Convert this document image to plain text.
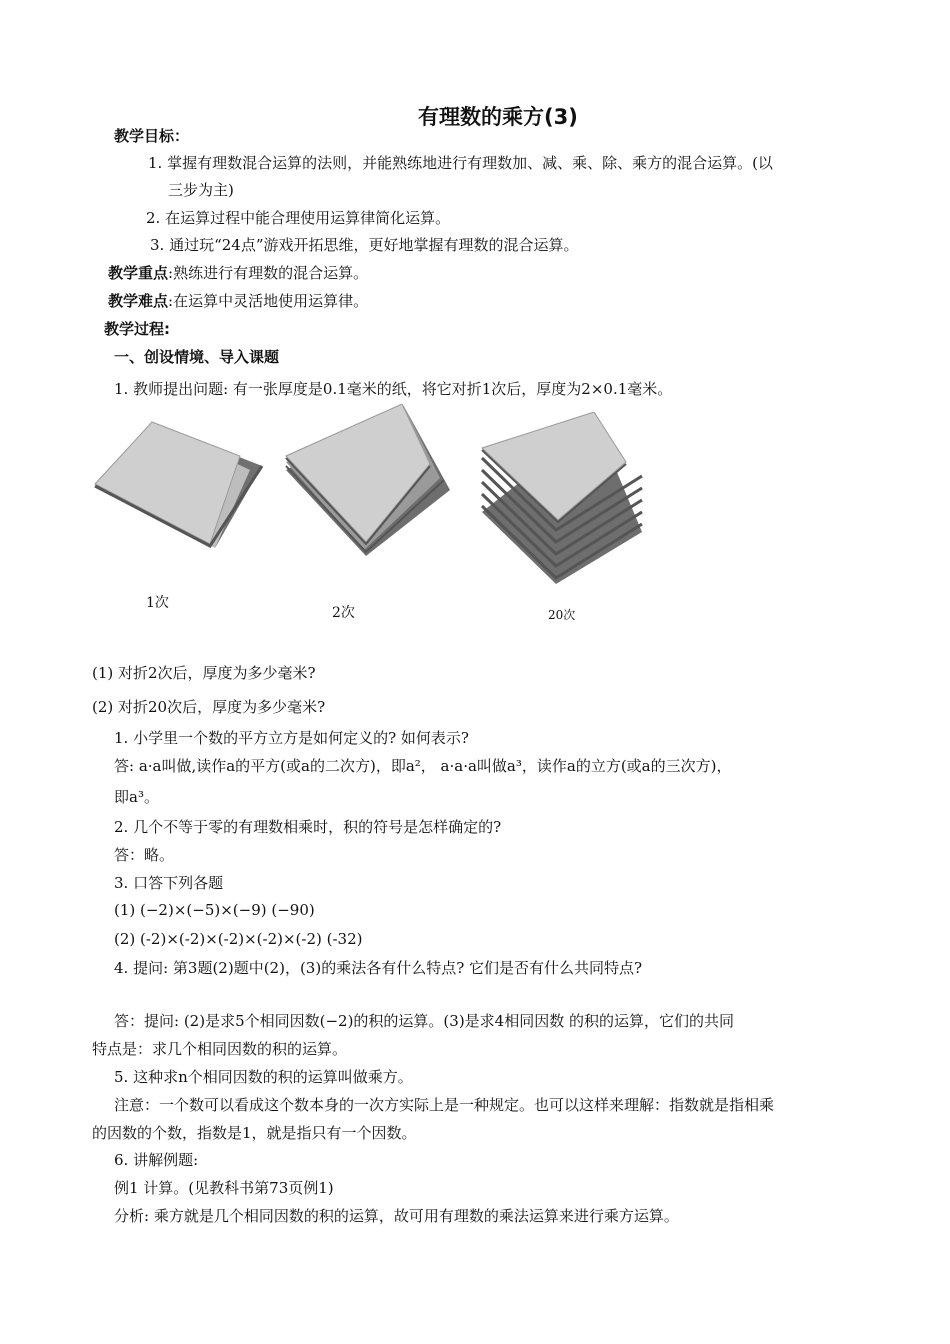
有理数的乘方(3)
教学目标：
1. 掌握有理数混合运算的法则，并能熟练地进行有理数加、减、乘、除、乘方的混合运算。(以
三步为主)
2. 在运算过程中能合理使用运算律简化运算。
3. 通过玩“24点”游戏开拓思维，更好地掌握有理数的混合运算。
教学重点:熟练进行有理数的混合运算。
教学难点:在运算中灵活地使用运算律。
教学过程:
一、创设情境、导入课题
1. 教师提出问题: 有一张厚度是0.1毫米的纸，将它对折1次后，厚度为2×0.1毫米。
1次
2次	20次
(1) 对折2次后，厚度为多少毫米?
(2) 对折20次后，厚度为多少毫米?
1. 小学里一个数的平方立方是如何定义的? 如何表示?
答: a·a叫做,读作a的平方(或a的二次方)，即a²， a·a·a叫做a³，读作a的立方(或a的三次方)，
即a³。
2. 几个不等于零的有理数相乘时，积的符号是怎样确定的?
答：略。
3. 口答下列各题
(1) (−2)×(−5)×(−9) (−90)
(2) (-2)×(-2)×(-2)×(-2)×(-2) (-32)
4. 提问: 第3题(2)题中(2)，(3)的乘法各有什么特点? 它们是否有什么共同特点?
答：提问: (2)是求5个相同因数(−2)的积的运算。(3)是求4相同因数 的积的运算，它们的共同
特点是：求几个相同因数的积的运算。
5. 这种求n个相同因数的积的运算叫做乘方。
注意：一个数可以看成这个数本身的一次方实际上是一种规定。也可以这样来理解：指数就是指相乘
的因数的个数，指数是1，就是指只有一个因数。
6. 讲解例题:
例1 计算。(见教科书第73页例1)
分析: 乘方就是几个相同因数的积的运算，故可用有理数的乘法运算来进行乘方运算。
